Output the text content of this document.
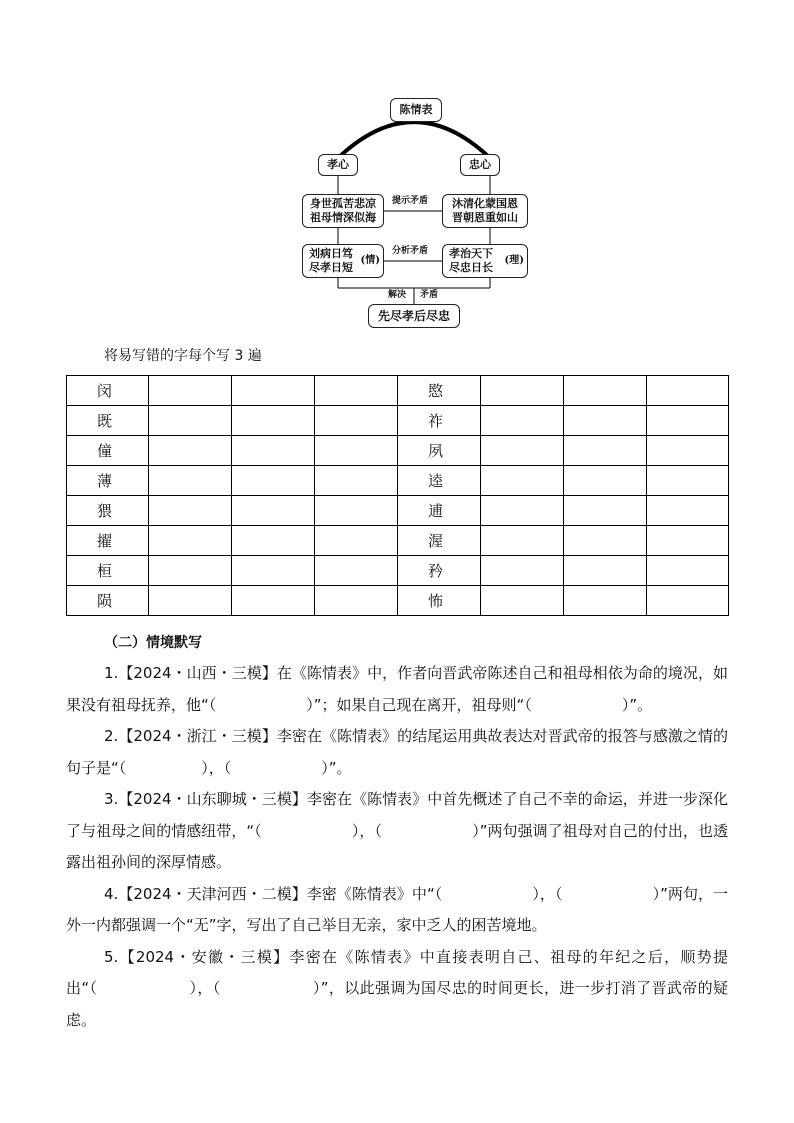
陈情表
孝心	忠心
身世孤苦悲凉
祖母情深似海
沐清化蒙国恩
晋朝恩重如山
提示矛盾
刘病日笃
尽孝日短
(情)
孝治天下
尽忠日长
(理)
分析矛盾
解决 矛盾
先尽孝后尽忠
将易写错的字每个写 3 遍
闵				愍			
既				祚			
僮				夙			
薄				逵			
猥				逋			
擢				渥			
桓				矜			
陨				怖			
（二）情境默写

1.【2024・山西・三模】在《陈情表》中，作者向晋武帝陈述自己和祖母相依为命的境况，如果没有祖母抚养，他“（　　　　　　）”；如果自己现在离开，祖母则“（　　　　　　）”。

2.【2024・浙江・三模】李密在《陈情表》的结尾运用典故表达对晋武帝的报答与感激之情的句子是“（　　　　　），（　　　　　　）”。

3.【2024・山东聊城・三模】李密在《陈情表》中首先概述了自己不幸的命运，并进一步深化了与祖母之间的情感纽带，“（　　　　　　），（　　　　　　）”两句强调了祖母对自己的付出，也透露出祖孙间的深厚情感。

4.【2024・天津河西・二模】李密《陈情表》中“（　　　　　　），（　　　　　　）”两句，一外一内都强调一个“无”字，写出了自己举目无亲，家中乏人的困苦境地。

5.【2024・安徽・三模】李密在《陈情表》中直接表明自己、祖母的年纪之后，顺势提出“（　　　　　　），（　　　　　　）”，以此强调为国尽忠的时间更长，进一步打消了晋武帝的疑虑。
